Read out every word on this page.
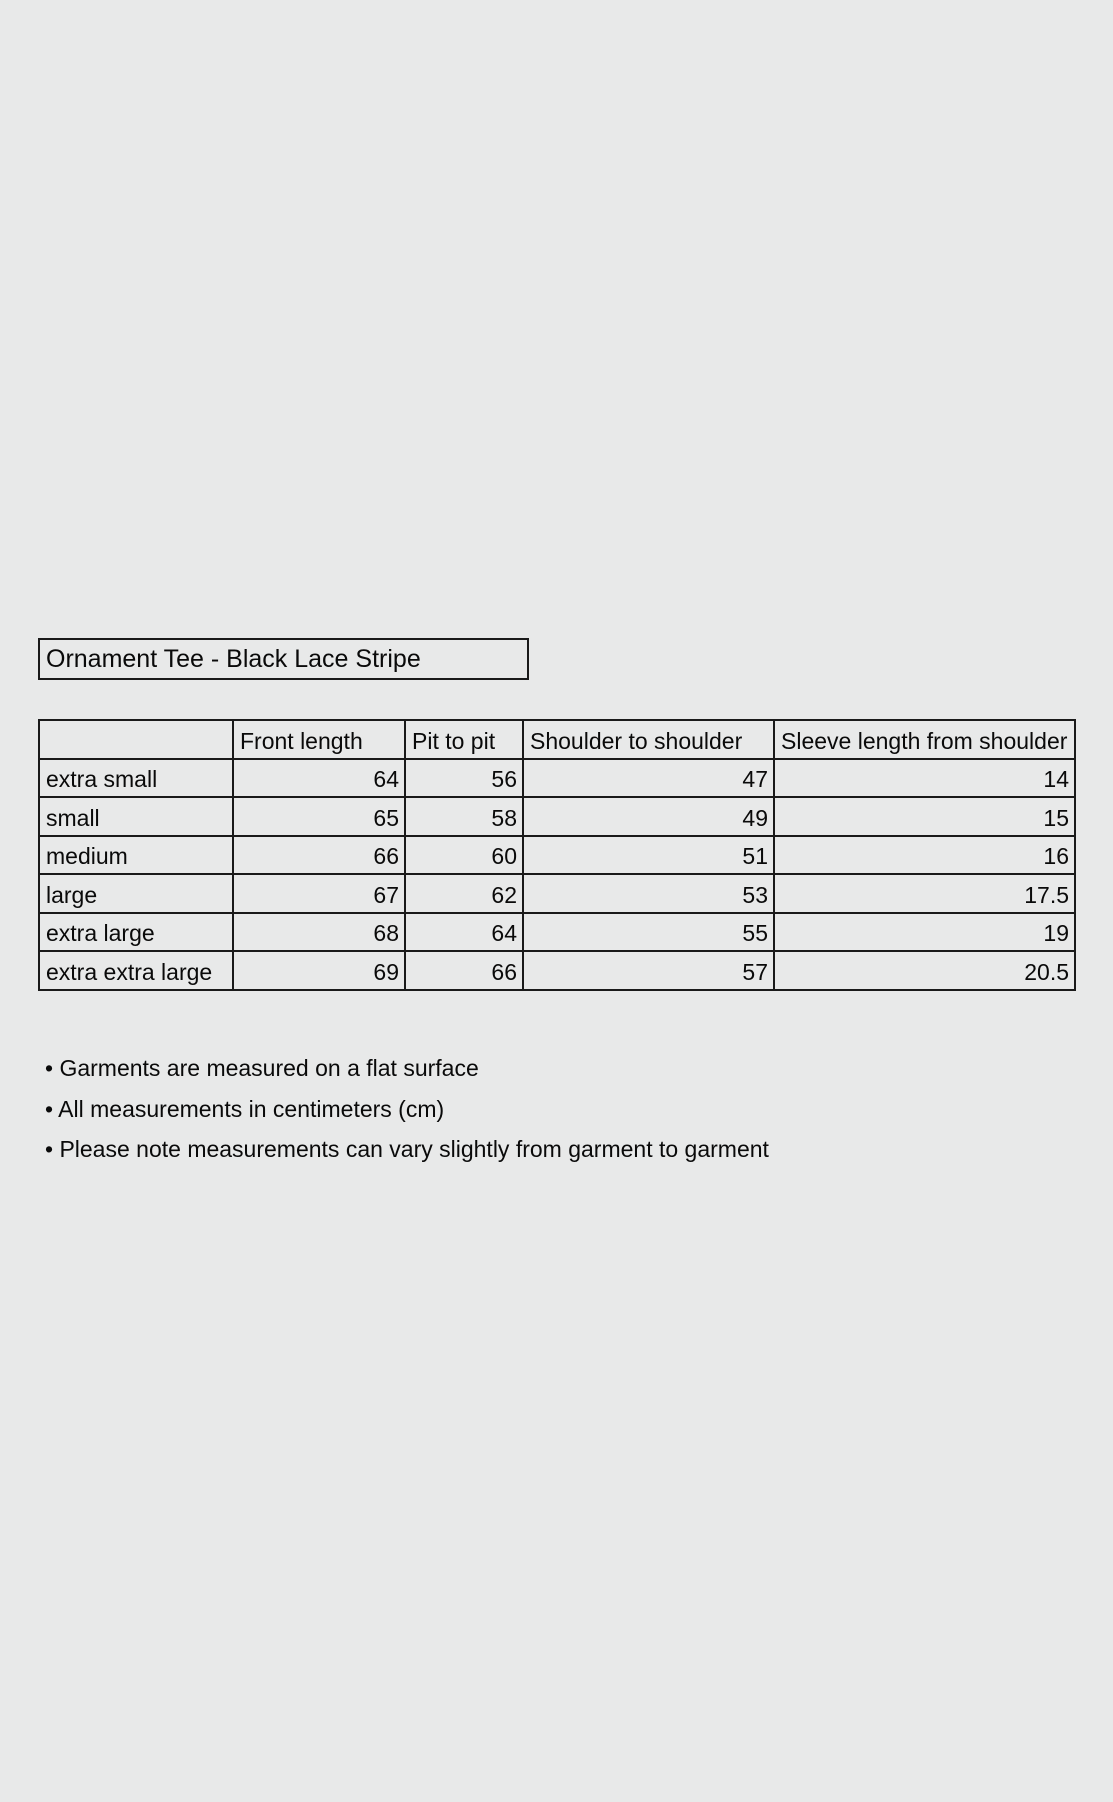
Ornament Tee - Black Lace Stripe
	Front length	Pit to pit	Shoulder to shoulder	Sleeve length from shoulder
extra small	64	56	47	14
small	65	58	49	15
medium	66	60	51	16
large	67	62	53	17.5
extra large	68	64	55	19
extra extra large	69	66	57	20.5
• Garments are measured on a flat surface
• All measurements in centimeters (cm)
• Please note measurements can vary slightly from garment to garment
